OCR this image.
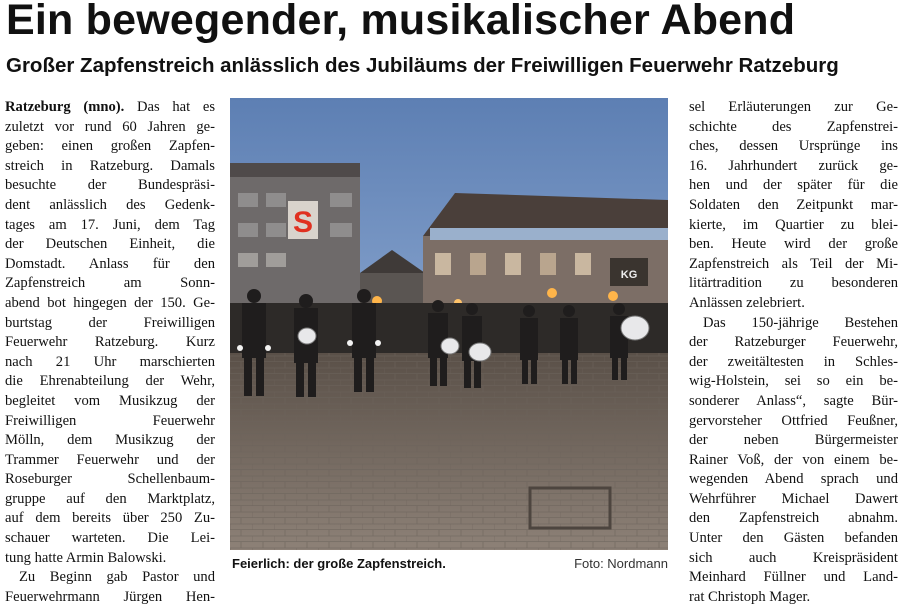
Ein bewegender, musikalischer Abend
Großer Zapfenstreich anlässlich des Jubiläums der Freiwilligen Feuerwehr Ratzeburg

Ratzeburg (mno). Das hat es

zuletzt vor rund 60 Jahren ge-

geben: einen großen Zapfen-

streich in Ratzeburg. Damals

besuchte der Bundespräsi-

dent anlässlich des Gedenk-

tages am 17. Juni, dem Tag

der Deutschen Einheit, die

Domstadt. Anlass für den

Zapfenstreich am Sonn-

abend bot hingegen der 150. Ge-

burtstag der Freiwilligen

Feuerwehr Ratzeburg. Kurz

nach 21 Uhr marschierten

die Ehrenabteilung der Wehr,

begleitet vom Musikzug der

Freiwilligen Feuerwehr

Mölln, dem Musikzug der

Trammer Feuerwehr und der

Roseburger Schellenbaum-

gruppe auf den Marktplatz,

auf dem bereits über 250 Zu-

schauer warteten. Die Lei-

tung hatte Armin Balowski.

Zu Beginn gab Pastor und

Feuerwehrmann Jürgen Hen-

S
KG
Feierlich: der große Zapfenstreich.	Foto: Nordmann

sel Erläuterungen zur Ge-

schichte des Zapfenstrei-

ches, dessen Ursprünge ins

16. Jahrhundert zurück ge-

hen und der später für die

Soldaten den Zeitpunkt mar-

kierte, im Quartier zu blei-

ben. Heute wird der große

Zapfenstreich als Teil der Mi-

litärtradition zu besonderen

Anlässen zelebriert.

Das 150-jährige Bestehen

der Ratzeburger Feuerwehr,

der zweitältesten in Schles-

wig-Holstein, sei so ein be-

sonderer Anlass“, sagte Bür-

gervorsteher Ottfried Feußner,

der neben Bürgermeister

Rainer Voß, der von einem be-

wegenden Abend sprach und

Wehrführer Michael Dawert

den Zapfenstreich abnahm.

Unter den Gästen befanden

sich auch Kreispräsident

Meinhard Füllner und Land-

rat Christoph Mager.
